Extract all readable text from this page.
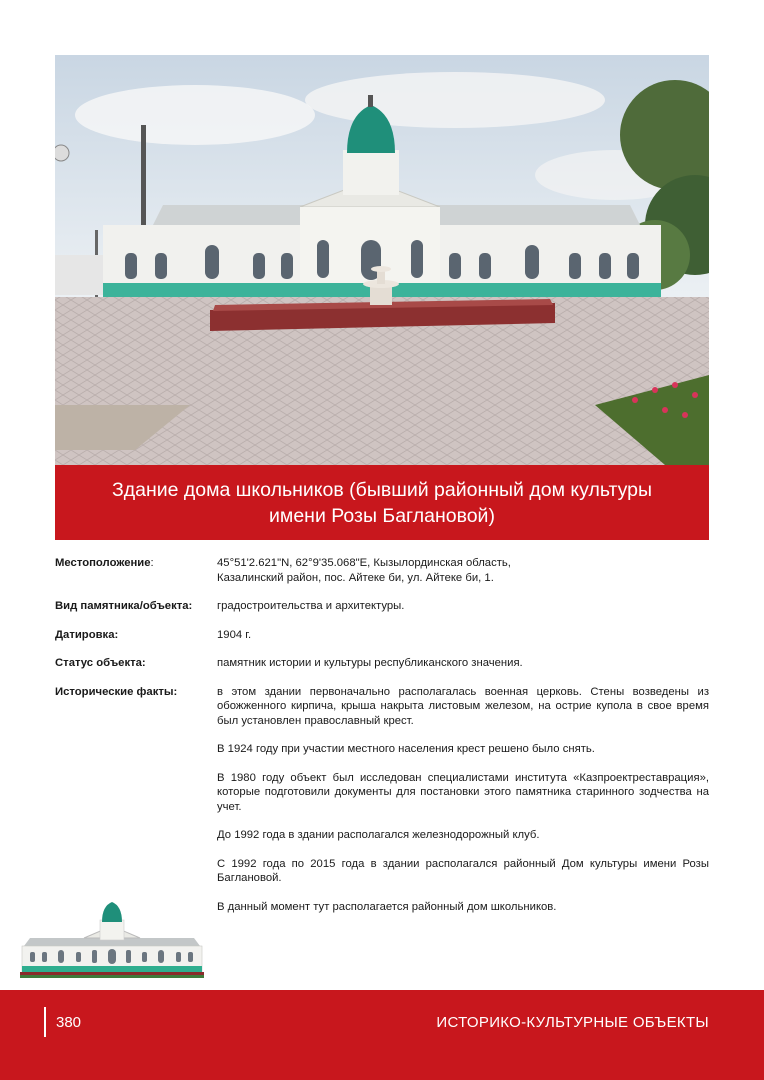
Здание дома школьников (бывший районный дом культуры имени Розы Баглановой)
Местоположение:	45°51'2.621"N, 62°9'35.068"E, Кызылординская область,
Казалинский район, пос. Айтеке би, ул. Айтеке би, 1.
Вид памятника/объекта:	градостроительства и архитектуры.
Датировка:	1904 г.
Статус объекта:	памятник истории и культуры республиканского значения.
Исторические факты:	в этом здании первоначально располагалась военная церковь. Стены возведены из обожженного кирпича, крыша накрыта листовым железом, на острие купола в свое время был установлен православный крест.

В 1924 году при участии местного населения крест решено было снять.

В 1980 году объект был исследован специалистами института «Казпроектреставрация», которые подготовили документы для постановки этого памятника старинного зодчества на учет.

До 1992 года в здании располагался железнодорожный клуб.

С 1992 года по 2015 года в здании располагался районный Дом культуры имени Розы Баглановой.

В данный момент тут располагается районный дом школьников.

380	ИСТОРИКО-КУЛЬТУРНЫЕ ОБЪЕКТЫ
